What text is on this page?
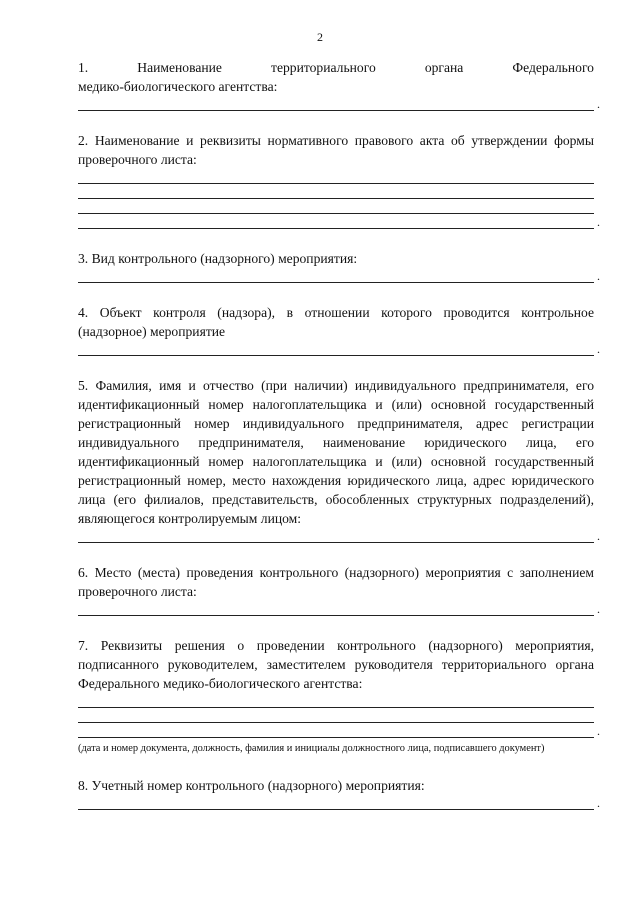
2
1.	Наименование	территориального	органа	Федерального

медико-биологического агентства:

.

2. Наименование и реквизиты нормативного правового акта об утверждении формы проверочного листа:

.

3. Вид контрольного (надзорного) мероприятия:

.

4. Объект контроля (надзора), в отношении которого проводится контрольное (надзорное) мероприятие

.

5. Фамилия, имя и отчество (при наличии) индивидуального предпринимателя, его идентификационный номер налогоплательщика и (или) основной государственный регистрационный номер индивидуального предпринимателя, адрес регистрации индивидуального предпринимателя, наименование юридического лица, его идентификационный номер налогоплательщика и (или) основной государственный регистрационный номер, место нахождения юридического лица, адрес юридического лица (его филиалов, представительств, обособленных структурных подразделений), являющегося контролируемым лицом:

.

6. Место (места) проведения контрольного (надзорного) мероприятия с заполнением проверочного листа:

.

7. Реквизиты решения о проведении контрольного (надзорного) мероприятия, подписанного руководителем, заместителем руководителя территориального органа Федерального медико-биологического агентства:

.
(дата и номер документа, должность, фамилия и инициалы должностного лица, подписавшего документ)

8. Учетный номер контрольного (надзорного) мероприятия:

.
